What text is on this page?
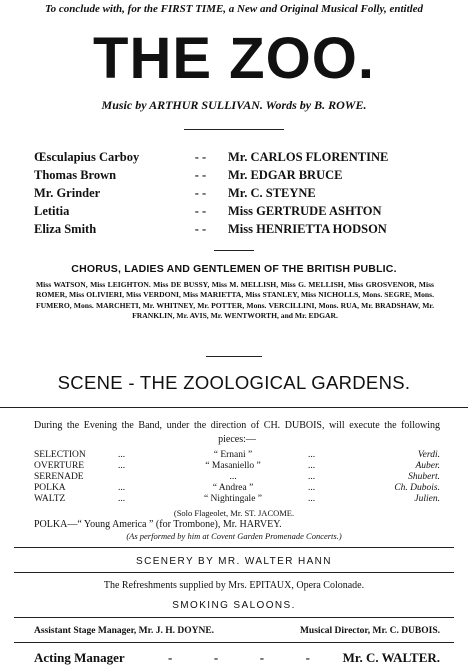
To conclude with, for the FIRST TIME, a New and Original Musical Folly, entitled
THE ZOO.
Music by ARTHUR SULLIVAN. Words by B. ROWE.
Œsculapius Carboy	- -	Mr. CARLOS FLORENTINE
Thomas Brown	- -	Mr. EDGAR BRUCE
Mr. Grinder	- -	Mr. C. STEYNE
Letitia	- -	Miss GERTRUDE ASHTON
Eliza Smith	- -	Miss HENRIETTA HODSON
CHORUS, LADIES AND GENTLEMEN OF THE BRITISH PUBLIC.
Miss WATSON, Miss LEIGHTON. Miss DE BUSSY, Miss M. MELLISH, Miss G. MELLISH, Miss GROSVENOR, Miss ROMER, Miss OLIVIERI, Miss VERDONI, Miss MARIETTA, Miss STANLEY, Miss NICHOLLS, Mons. SEGRE, Mons. FUMERO, Mons. MARCHETI, Mr. WHITNEY, Mr. POTTER, Mons. VERCILLINI, Mons. RUA, Mr. BRADSHAW, Mr. FRANKLIN, Mr. AVIS, Mr. WENTWORTH, and Mr. EDGAR.
SCENE - THE ZOOLOGICAL GARDENS.
During the Evening the Band, under the direction of CH. DUBOIS, will execute the following pieces:—
SELECTION	...	“ Ernani ”	...	Verdi.
OVERTURE	...	“ Masaniello ”	...	Auber.
SERENADE	...	...	Shubert.
POLKA	...	“ Andrea ”	...	Ch. Dubois.
WALTZ	...	“ Nightingale ”	...	Julien.
(Solo Flageolet, Mr. ST. JACOME.
POLKA—“ Young America ” (for Trombone), Mr. HARVEY.
(As performed by him at Covent Garden Promenade Concerts.)
SCENERY BY MR. WALTER HANN
The Refreshments supplied by Mrs. EPITAUX, Opera Colonade.
SMOKING SALOONS.
Assistant Stage Manager, Mr. J. H. DOYNE.	Musical Director, Mr. C. DUBOIS.
Acting Manager	-	-	-	-	Mr. C. WALTER.
